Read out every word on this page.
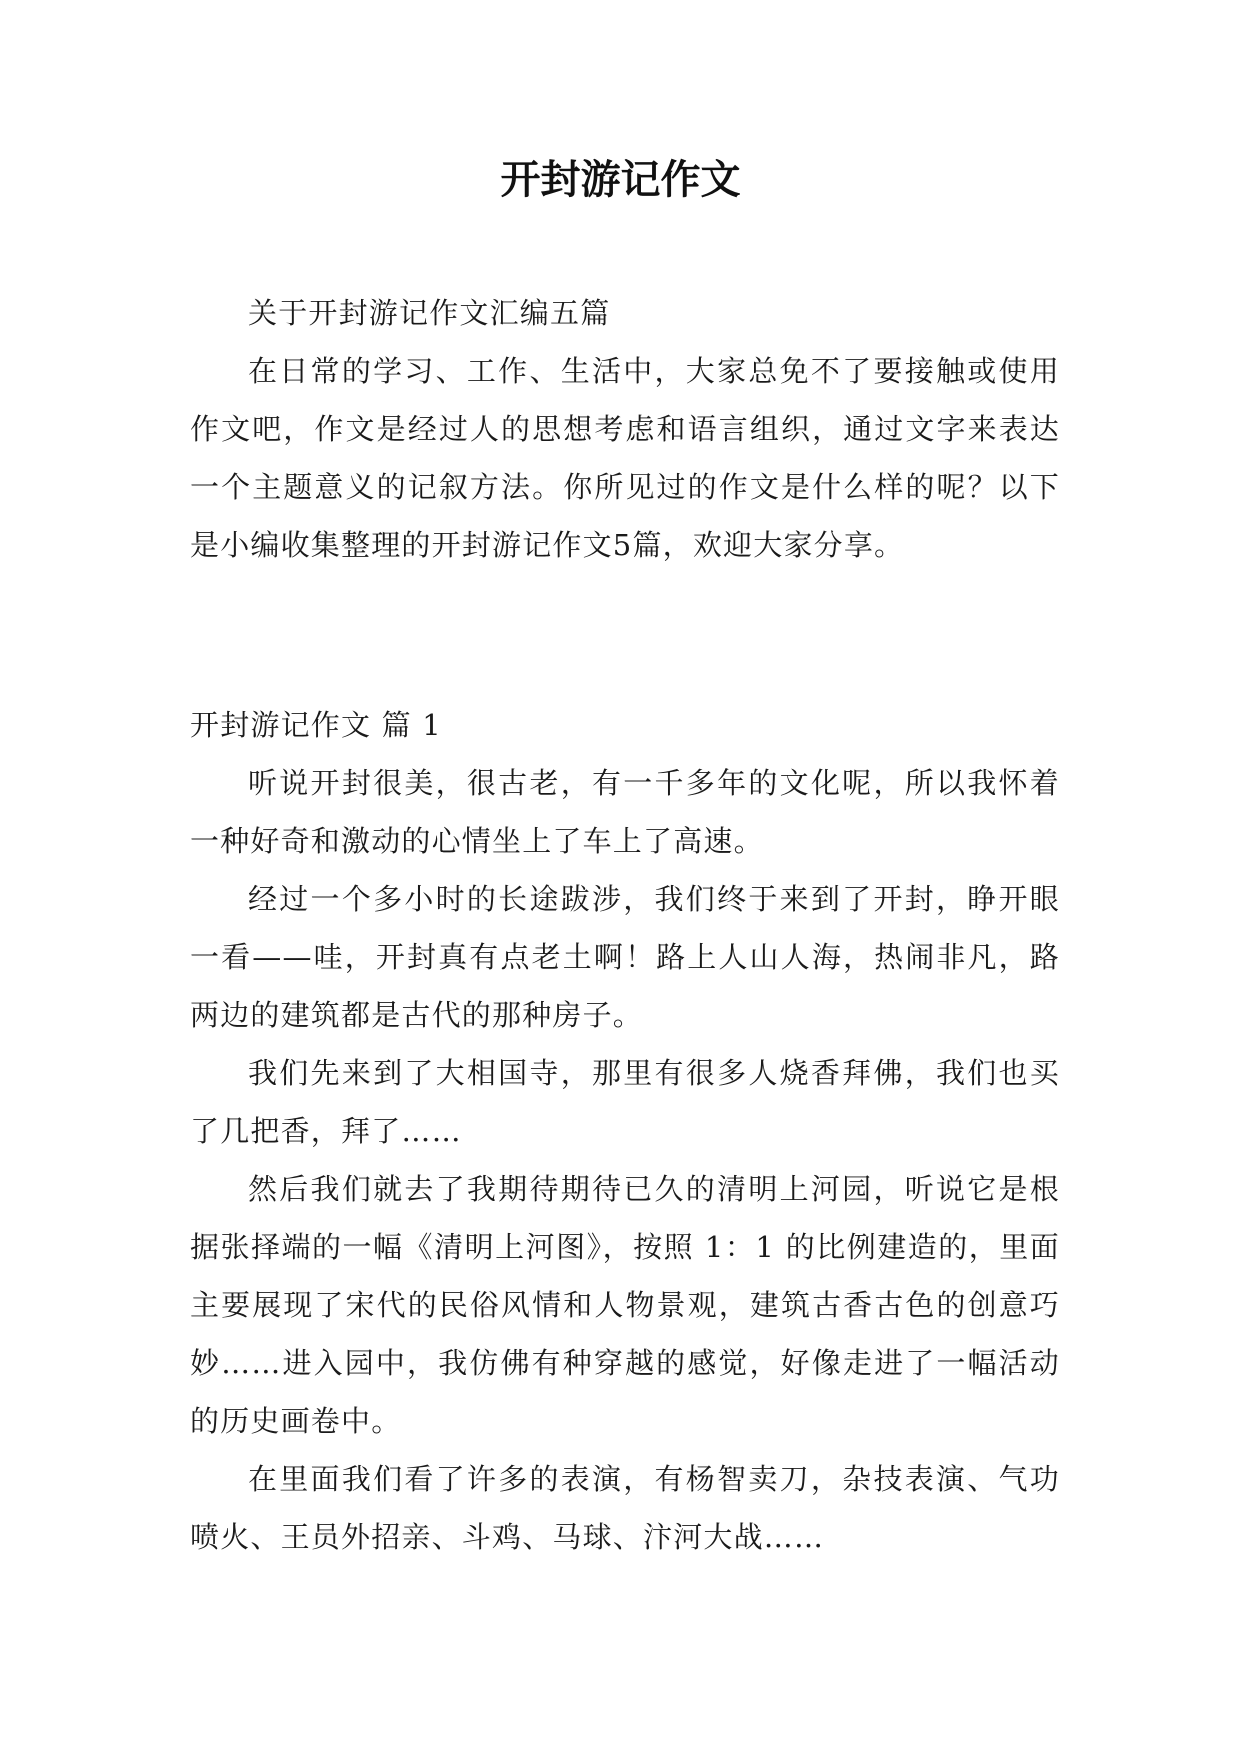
开封游记作文

关于开封游记作文汇编五篇

在日常的学习、工作、生活中，大家总免不了要接触或使用作文吧，作文是经过人的思想考虑和语言组织，通过文字来表达一个主题意义的记叙方法。你所见过的作文是什么样的呢？以下是小编收集整理的开封游记作文5篇，欢迎大家分享。

开封游记作文 篇 1

听说开封很美，很古老，有一千多年的文化呢，所以我怀着一种好奇和激动的心情坐上了车上了高速。

经过一个多小时的长途跋涉，我们终于来到了开封，睁开眼一看——哇，开封真有点老土啊！路上人山人海，热闹非凡，路两边的建筑都是古代的那种房子。

我们先来到了大相国寺，那里有很多人烧香拜佛，我们也买了几把香，拜了……

然后我们就去了我期待期待已久的清明上河园，听说它是根据张择端的一幅《清明上河图》，按照 1：1 的比例建造的，里面主要展现了宋代的民俗风情和人物景观，建筑古香古色的创意巧妙……进入园中，我仿佛有种穿越的感觉，好像走进了一幅活动的历史画卷中。

在里面我们看了许多的表演，有杨智卖刀，杂技表演、气功喷火、王员外招亲、斗鸡、马球、汴河大战……
